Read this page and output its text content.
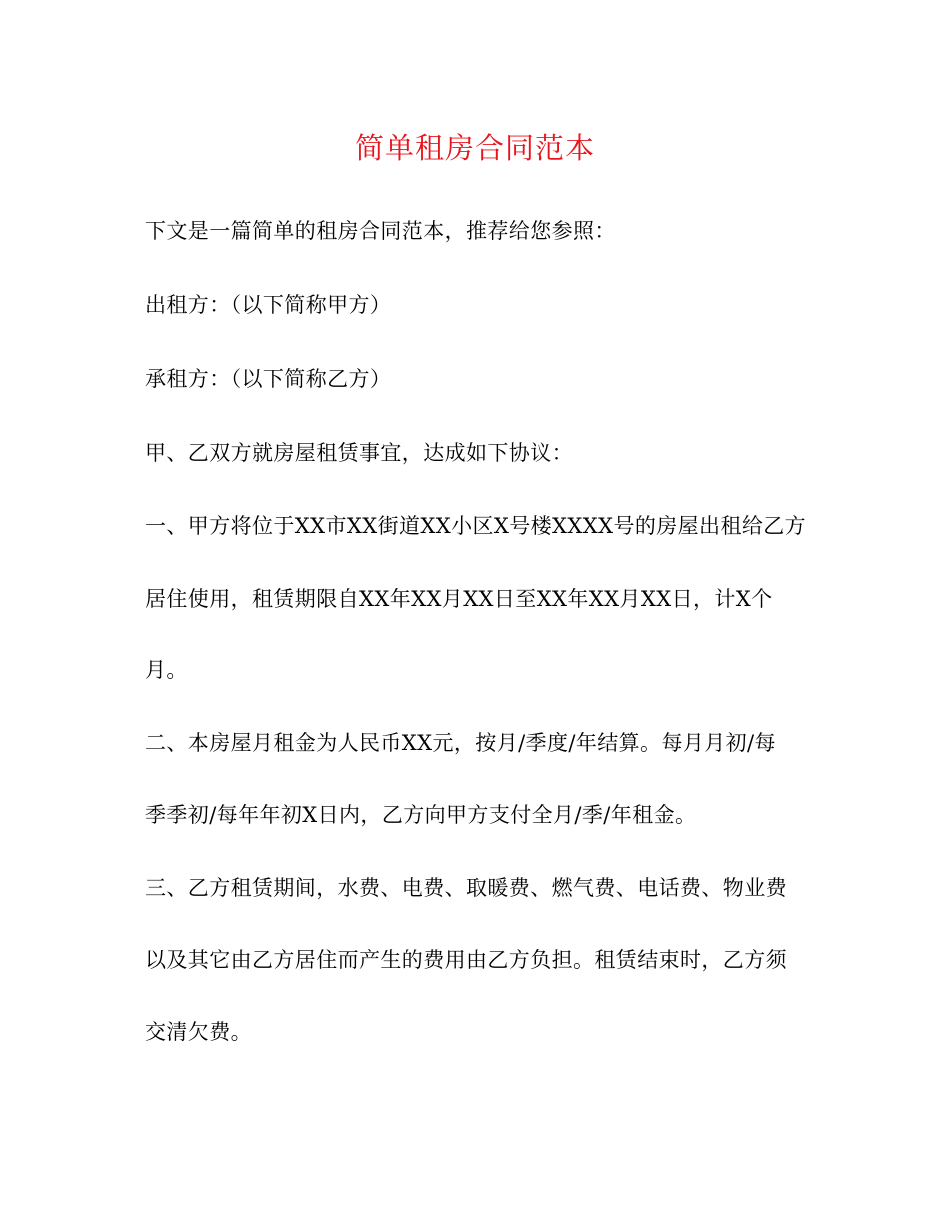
简单租房合同范本
下文是一篇简单的租房合同范本，推荐给您参照：
出租方：（以下简称甲方）
承租方：（以下简称乙方）
甲、乙双方就房屋租赁事宜，达成如下协议：
一、甲方将位于XX市XX街道XX小区X号楼XXXX号的房屋出租给乙方
居住使用，租赁期限自XX年XX月XX日至XX年XX月XX日，计X个
月。
二、本房屋月租金为人民币XX元，按月/季度/年结算。每月月初/每
季季初/每年年初X日内，乙方向甲方支付全月/季/年租金。
三、乙方租赁期间，水费、电费、取暖费、燃气费、电话费、物业费
以及其它由乙方居住而产生的费用由乙方负担。租赁结束时，乙方须
交清欠费。
